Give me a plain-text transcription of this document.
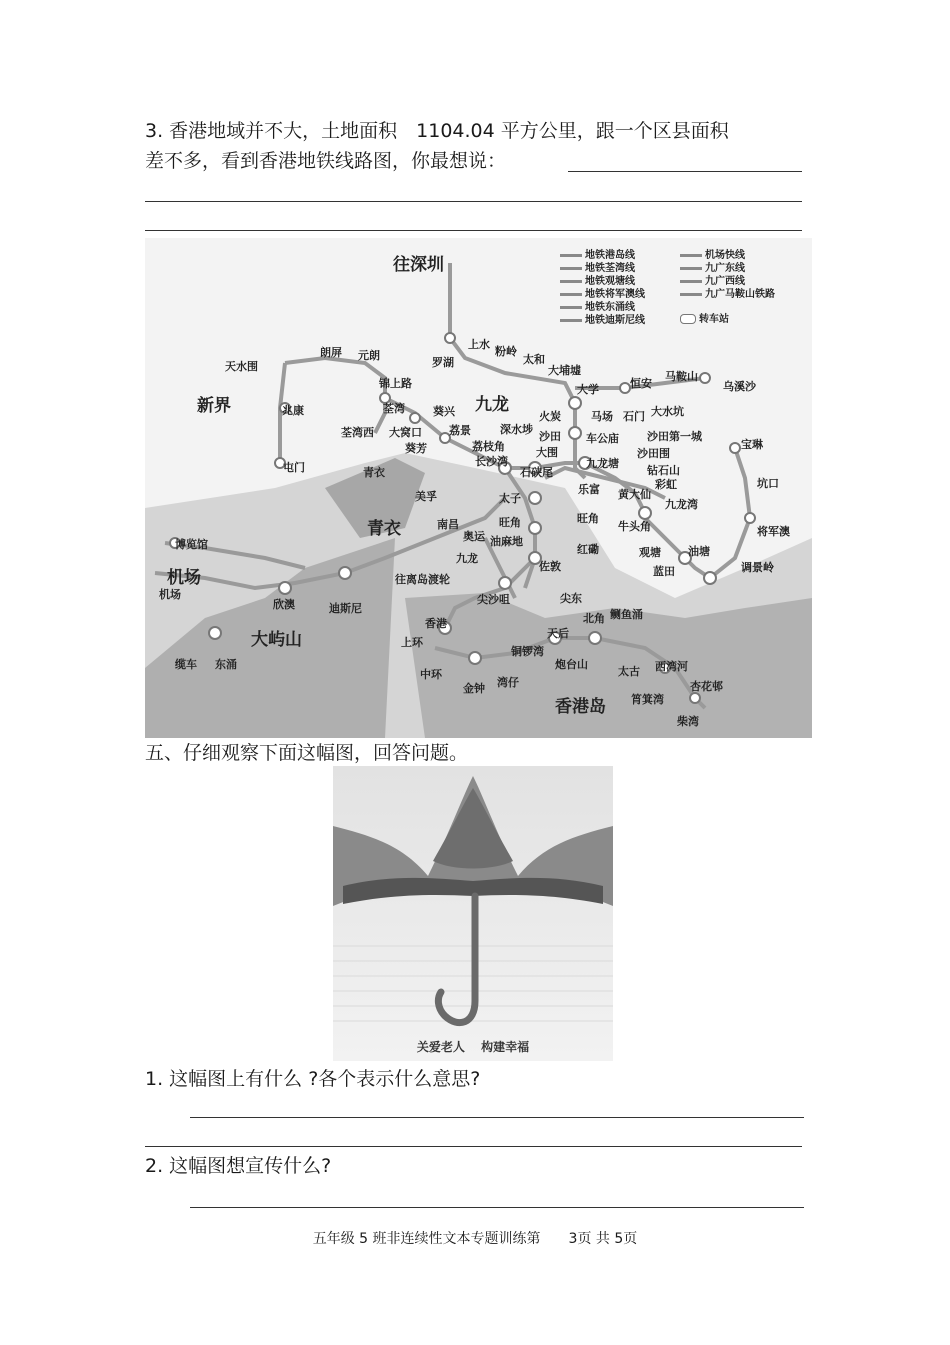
3. 香港地域并不大，土地面积　1104.04 平方公里，跟一个区县面积
差不多，看到香港地铁线路图，你最想说：
地铁港岛线
地铁荃湾线
地铁观塘线
地铁将军澳线
地铁东涌线
地铁迪斯尼线
机场快线
九广东线
九广西线
九广马鞍山铁路
转车站
往深圳
新界	九龙
青衣
机场
大屿山
香港岛
天水围
朗屏 元朗
锦上路
兆康
屯门
罗湖
上水
粉岭
太和
大埔墟
大学	恒安
马鞍山
乌溪沙
火炭	马场 石门 大水坑
沙田 车公庙	沙田第一城
沙田围
大围
荃湾	葵兴
荃湾西 大窝口
葵芳
荔景	深水埗
荔枝角
长沙湾
石硖尾
九龙塘
钻石山
彩虹
乐富 黄大仙
九龙湾
青衣
美孚	太子
旺角	旺角
南昌
奥运 油麻地
九龙
佐敦
红磡
牛头角
观塘 油塘
蓝田	调景岭
将军澳
坑口
宝琳
博览馆
机场
欣澳	迪斯尼
缆车 东涌
往离岛渡轮
尖沙咀	尖东
香港
上环
中环
金钟
铜锣湾
湾仔
天后
炮台山
北角 鲗鱼涌
太古 西湾河
杏花邨
筲箕湾
柴湾
五、仔细观察下面这幅图，回答问题。
关爱老人　 构建幸福
1. 这幅图上有什么 ?各个表示什么意思?
2. 这幅图想宣传什么?
五年级 5 班非连续性文本专题训练第　　3页 共 5页
